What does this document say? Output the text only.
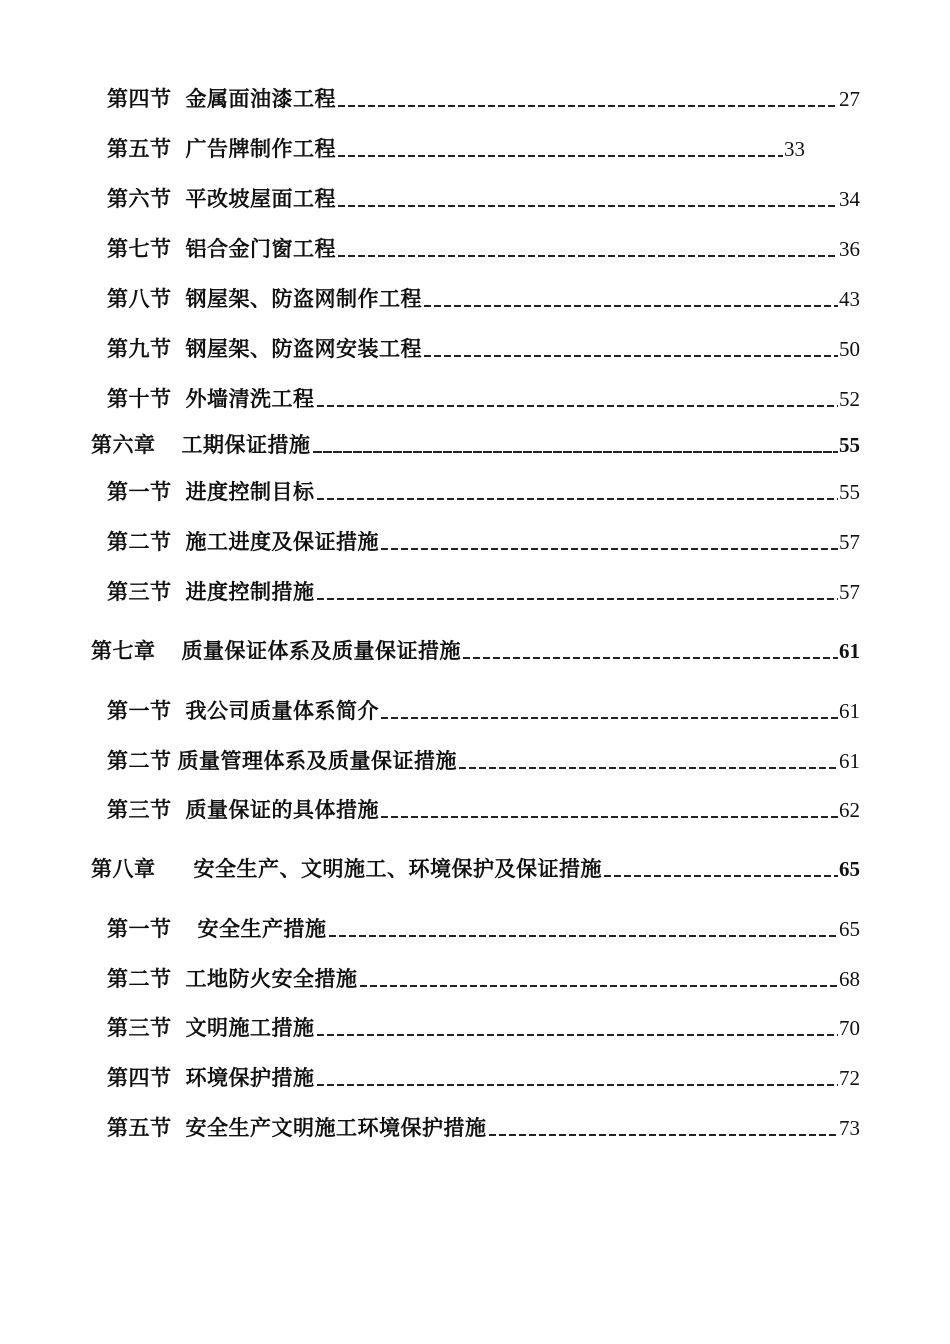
第四节 金属面油漆工程	27
第五节 广告牌制作工程	33
第六节 平改坡屋面工程	34
第七节 铝合金门窗工程	36
第八节 钢屋架、防盗网制作工程	43
第九节 钢屋架、防盗网安装工程	50
第十节 外墙清洗工程	52
第六章 工期保证措施	55
第一节 进度控制目标	55
第二节 施工进度及保证措施	57
第三节 进度控制措施	57
第七章 质量保证体系及质量保证措施	61
第一节 我公司质量体系简介	61
第二节 质量管理体系及质量保证措施	61
第三节 质量保证的具体措施	62
第八章 安全生产、文明施工、环境保护及保证措施	65
第一节 安全生产措施	65
第二节 工地防火安全措施	68
第三节 文明施工措施	70
第四节 环境保护措施	72
第五节 安全生产文明施工环境保护措施	73
